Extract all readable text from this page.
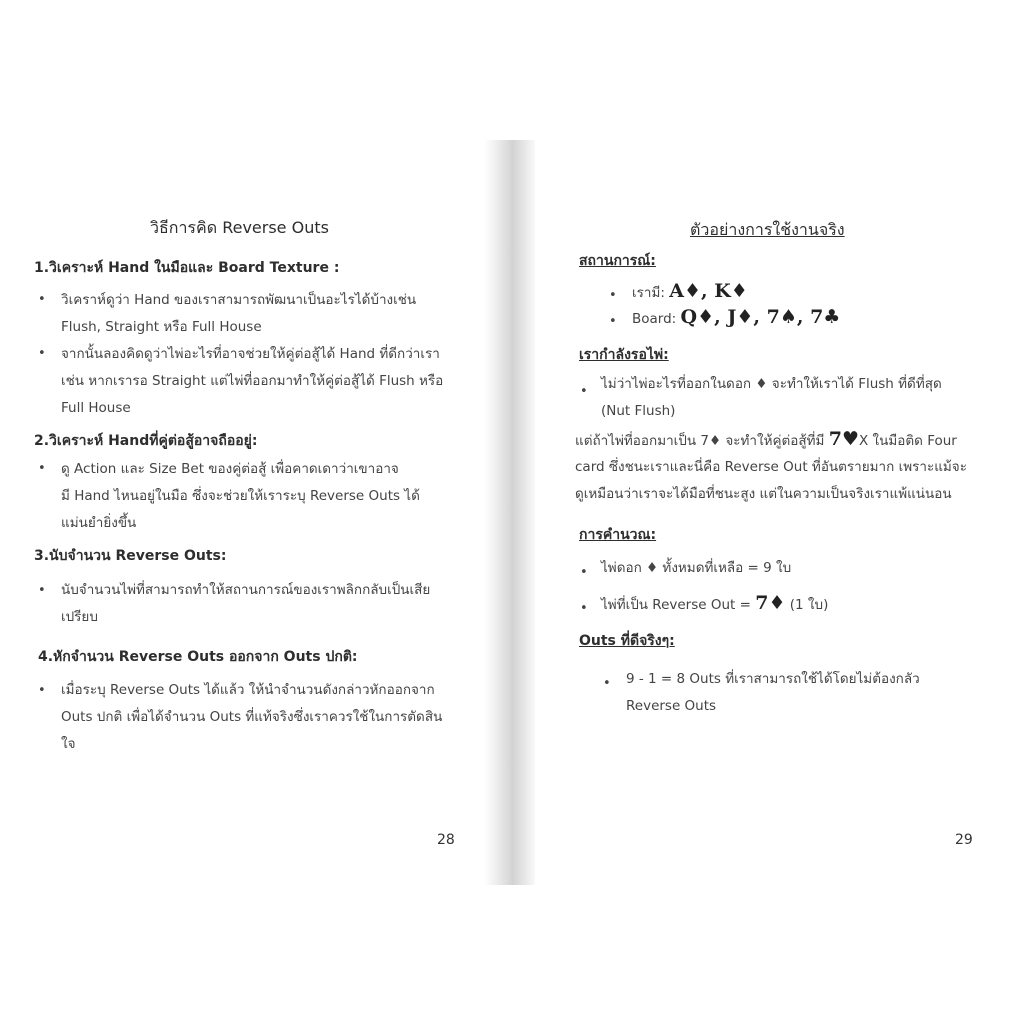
วิธีการคิด Reverse Outs
1.วิเคราะห์ Hand ในมือและ Board Texture :
• วิเคราห์ดูว่า Hand ของเราสามารถพัฒนาเป็นอะไรได้บ้างเช่น
Flush, Straight หรือ Full House
• จากนั้นลองคิดดูว่าไพ่อะไรที่อาจช่วยให้คู่ต่อสู้ได้ Hand ที่ดีกว่าเรา
เช่น หากเรารอ Straight แต่ไพ่ที่ออกมาทำให้คู่ต่อสู้ได้ Flush หรือ
Full House
2.วิเคราะห์ Handที่คู่ต่อสู้อาจถืออยู่:
• ดู Action และ Size Bet ของคู่ต่อสู้ เพื่อคาดเดาว่าเขาอาจ
มี Hand ไหนอยู่ในมือ ซึ่งจะช่วยให้เราระบุ Reverse Outs ได้
แม่นยำยิ่งขึ้น
3.นับจำนวน Reverse Outs:
• นับจำนวนไพ่ที่สามารถทำให้สถานการณ์ของเราพลิกกลับเป็นเสีย
เปรียบ
4.หักจำนวน Reverse Outs ออกจาก Outs ปกติ:
• เมื่อระบุ Reverse Outs ได้แล้ว ให้นำจำนวนดังกล่าวหักออกจาก
Outs ปกติ เพื่อได้จำนวน Outs ที่แท้จริงซึ่งเราควรใช้ในการตัดสิน
ใจ
28
ตัวอย่างการใช้งานจริง
สถานการณ์:
• เรามี: A♦, K♦
• Board: Q♦, J♦, 7♠, 7♣
เรากำลังรอไพ่:
• ไม่ว่าไพ่อะไรที่ออกในดอก ♦ จะทำให้เราได้ Flush ที่ดีที่สุด
(Nut Flush)
แต่ถ้าไพ่ที่ออกมาเป็น 7♦ จะทำให้คู่ต่อสู้ที่มี 7♥X ในมือติด Four
card ซึ่งชนะเราและนี่คือ Reverse Out ที่อันตรายมาก เพราะแม้จะ
ดูเหมือนว่าเราจะได้มือที่ชนะสูง แต่ในความเป็นจริงเราแพ้แน่นอน
การคำนวณ:
• ไพ่ดอก ♦ ทั้งหมดที่เหลือ = 9 ใบ
• ไพ่ที่เป็น Reverse Out = 7♦ (1 ใบ)
Outs ที่ดีจริงๆ:
• 9 - 1 = 8 Outs ที่เราสามารถใช้ได้โดยไม่ต้องกลัว
Reverse Outs
29
